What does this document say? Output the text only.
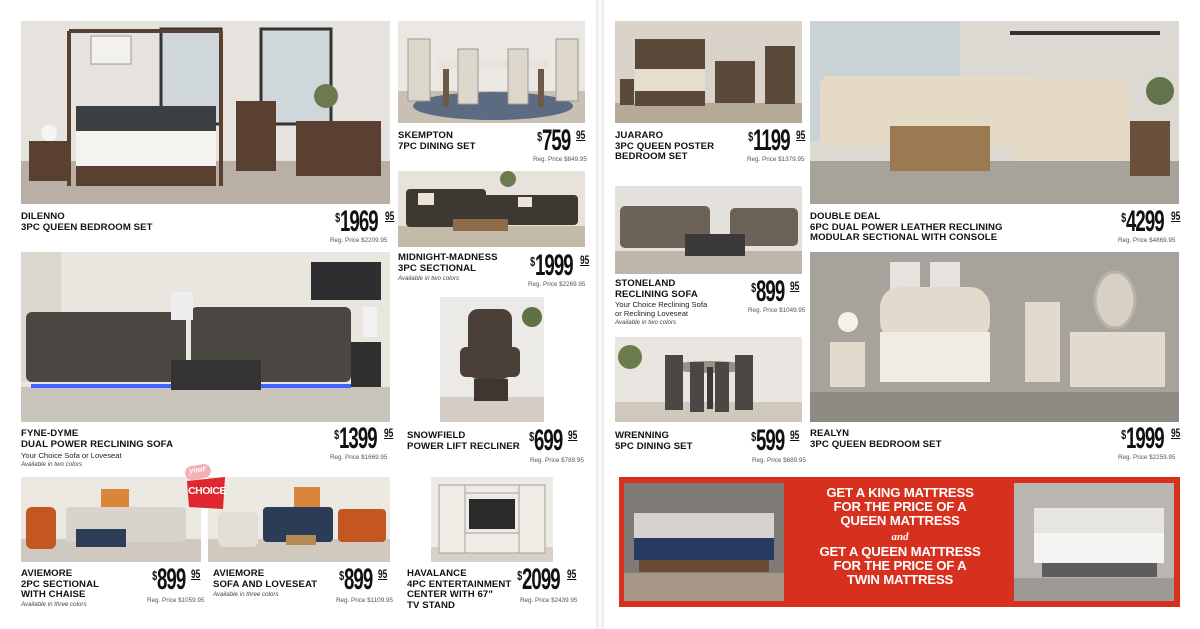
DILENNO
3PC QUEEN BEDROOM SET
$ 1969 95
Reg. Price $2209.95
SKEMPTON
7PC DINING SET
$ 759 95
Reg. Price $849.95
MIDNIGHT-MADNESS
3PC SECTIONAL
Available in two colors
$ 1999 95
Reg. Price $2269.95
FYNE-DYME
DUAL POWER RECLINING SOFA
Your Choice Sofa or Loveseat
Available in two colors
$ 1399 95
Reg. Price $1669.95
SNOWFIELD
POWER LIFT RECLINER
$ 699 95
Reg. Price $789.95
AVIEMORE
2PC SECTIONAL
WITH CHAISE
Available in three colors
$ 899 95
Reg. Price $1059.95
your
CHOICE
AVIEMORE
SOFA AND LOVESEAT
Available in three colors
$ 899 95
Reg. Price $1109.95
HAVALANCE
4PC ENTERTAINMENT
CENTER WITH 67"
TV STAND
$ 2099 95
Reg. Price $2439.95
JUARARO
3PC QUEEN POSTER
BEDROOM SET
$ 1199 95
Reg. Price $1379.95
STONELAND
RECLINING SOFA
Your Choice Reclining Sofa
or Reclining Loveseat
Available in two colors
$ 899 95
Reg. Price $1049.95
WRENNING
5PC DINING SET
$ 599 95
Reg. Price $689.95
DOUBLE DEAL
6PC DUAL POWER LEATHER RECLINING
MODULAR SECTIONAL WITH CONSOLE
$ 4299 95
Reg. Price $4869.95
REALYN
3PC QUEEN BEDROOM SET
$ 1999 95
Reg. Price $2259.95
GET A KING MATTRESS
FOR THE PRICE OF A
QUEEN MATTRESS
and
GET A QUEEN MATTRESS
FOR THE PRICE OF A
TWIN MATTRESS
